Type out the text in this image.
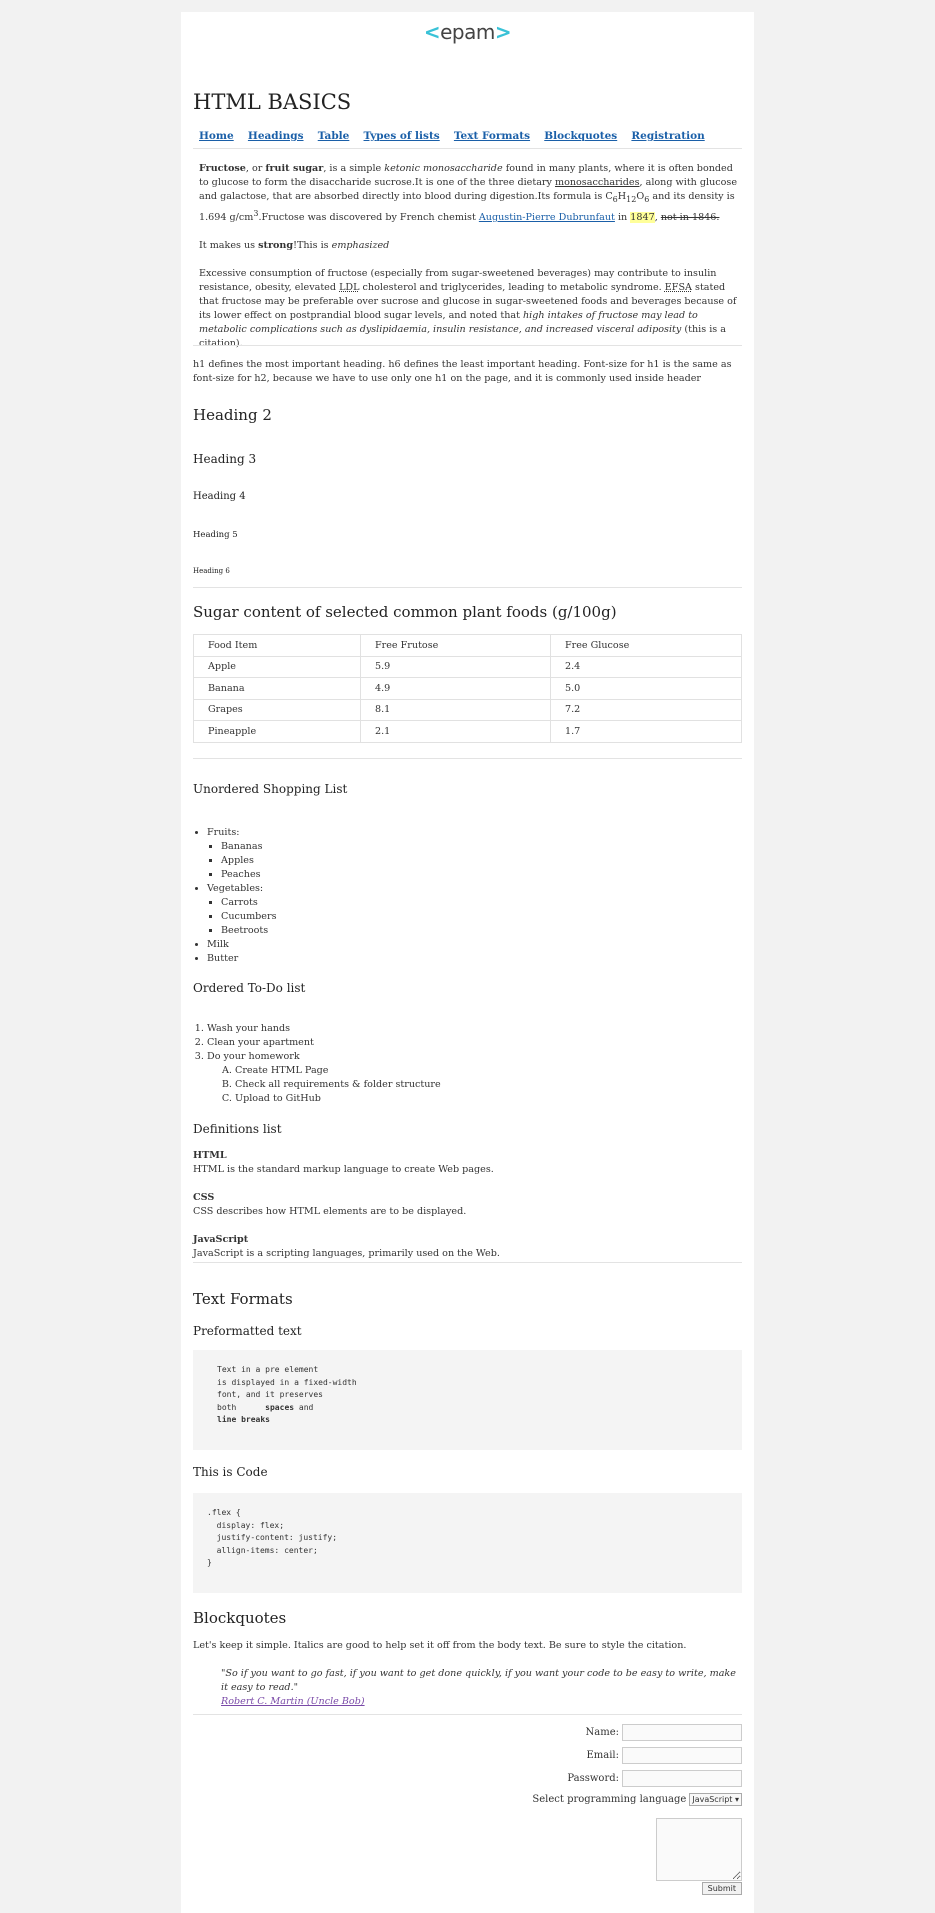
<epam>
HTML BASICS
Home Headings Table Types of lists Text Formats Blockquotes Registration

Fructose, or fruit sugar, is a simple ketonic monosaccharide found in many plants, where it is often bonded to glucose to form the disaccharide sucrose.It is one of the three dietary monosaccharides, along with glucose and galactose, that are absorbed directly into blood during digestion.Its formula is $C_6H_{12}O_6$ and its density is 1.694 $g/cm^3.Fructose$ was discovered by French chemist Augustin-Pierre Dubrunfaut in 1847, not in 1846.

It makes us strong!This is emphasized

Excessive consumption of fructose (especially from sugar-sweetened beverages) may contribute to insulin resistance, obesity, elevated LDL cholesterol and triglycerides, leading to metabolic syndrome. EFSA stated that fructose may be preferable over sucrose and glucose in sugar-sweetened foods and beverages because of its lower effect on postprandial blood sugar levels, and noted that high intakes of fructose may lead to metabolic complications such as dyslipidaemia, insulin resistance, and increased visceral adiposity (this is a citation).

h1 defines the most important heading. h6 defines the least important heading. Font-size for h1 is the same as font-size for h2, because we have to use only one h1 on the page, and it is commonly used inside header

Heading 2
Heading 3
Heading 4
Heading 5
Heading 6
Sugar content of selected common plant foods (g/100g)
Food Item	Free Frutose	Free Glucose
Apple	5.9	2.4
Banana	4.9	5.0
Grapes	8.1	7.2
Pineapple	2.1	1.7
Unordered Shopping List
• Fruits:
▪ Bananas
▪ Apples
▪ Peaches
• Vegetables:
▪ Carrots
▪ Cucumbers
▪ Beetroots
• Milk
• Butter
Ordered To-Do list
1. Wash your hands
2. Clean your apartment
3. Do your homework
A. Create HTML Page
B. Check all requirements & folder structure
C. Upload to GitHub
Definitions list
HTML
HTML is the standard markup language to create Web pages.
CSS
CSS describes how HTML elements are to be displayed.
JavaScript
JavaScript is a scripting languages, primarily used on the Web.
Text Formats
Preformatted text
Text in a pre element
is displayed in a fixed-width
font, and it preserves
both      spaces and
line breaks
This is Code
.flex {
display: flex;
justify-content: justify;
allign-items: center;
}
Blockquotes

Let's keep it simple. Italics are good to help set it off from the body text. Be sure to style the citation.

"So if you want to go fast, if you want to get done quickly, if you want your code to be easy to write, make it easy to read."
Robert C. Martin (Uncle Bob)
Name:
Email:
Password:
Select programming language JavaScript ▾
Submit
